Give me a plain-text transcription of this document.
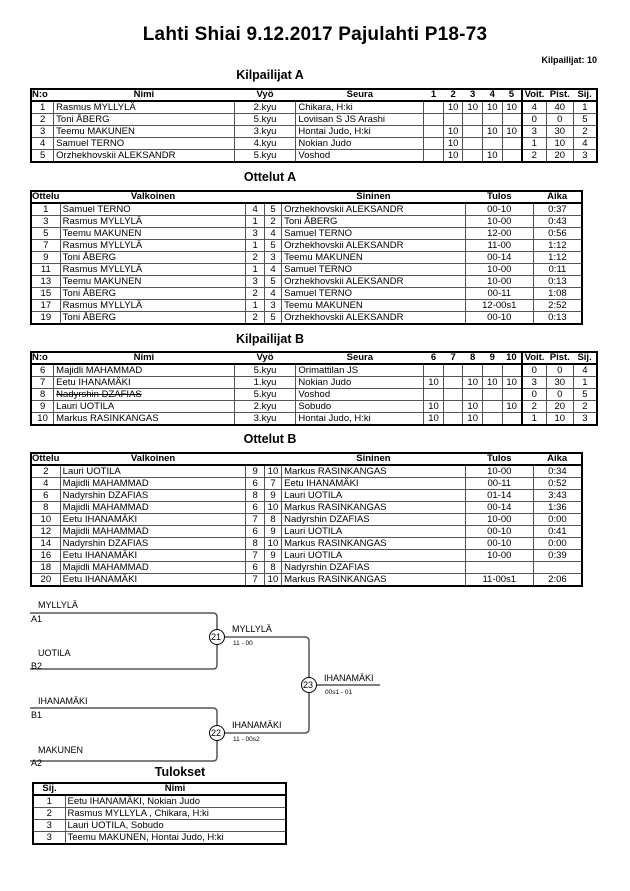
Lahti Shiai 9.12.2017 Pajulahti P18-73
Kilpailijat: 10
Kilpailijat A
N:o	Nimi	Vyö	Seura	1	2	3	4	5	Voit.	Pist.	Sij.
1	Rasmus MYLLYLÄ	2.kyu	Chikara, H:ki		10	10	10	10	4	40	1
2	Toni ÅBERG	5.kyu	Loviisan S JS Arashi						0	0	5
3	Teemu MAKUNEN	3.kyu	Hontai Judo, H:ki		10		10	10	3	30	2
4	Samuel TERNO	4.kyu	Nokian Judo		10				1	10	4
5	Orzhekhovskii ALEKSANDR	5.kyu	Voshod		10		10		2	20	3
Ottelut A
Ottelu	Valkoinen			Sininen	Tulos	Aika
1	Samuel TERNO	4	5	Orzhekhovskii ALEKSANDR	00-10	0:37
3	Rasmus MYLLYLÄ	1	2	Toni ÅBERG	10-00	0:43
5	Teemu MAKUNEN	3	4	Samuel TERNO	12-00	0:56
7	Rasmus MYLLYLÄ	1	5	Orzhekhovskii ALEKSANDR	11-00	1:12
9	Toni ÅBERG	2	3	Teemu MAKUNEN	00-14	1:12
11	Rasmus MYLLYLÄ	1	4	Samuel TERNO	10-00	0:11
13	Teemu MAKUNEN	3	5	Orzhekhovskii ALEKSANDR	10-00	0:13
15	Toni ÅBERG	2	4	Samuel TERNO	00-11	1:08
17	Rasmus MYLLYLÄ	1	3	Teemu MAKUNEN	12-00s1	2:52
19	Toni ÅBERG	2	5	Orzhekhovskii ALEKSANDR	00-10	0:13
Kilpailijat B
N:o	Nimi	Vyö	Seura	6	7	8	9	10	Voit.	Pist.	Sij.
6	Majidli MAHAMMAD	5.kyu	Orimattilan JS						0	0	4
7	Eetu IHANAMÄKI	1.kyu	Nokian Judo	10		10	10	10	3	30	1
8	Nadyrshin DZAFIAS	5.kyu	Voshod						0	0	5
9	Lauri UOTILA	2.kyu	Sobudo	10		10		10	2	20	2
10	Markus RASINKANGAS	3.kyu	Hontai Judo, H:ki	10		10			1	10	3
Ottelut B
Ottelu	Valkoinen			Sininen	Tulos	Aika
2	Lauri UOTILA	9	10	Markus RASINKANGAS	10-00	0:34
4	Majidli MAHAMMAD	6	7	Eetu IHANAMÄKI	00-11	0:52
6	Nadyrshin DZAFIAS	8	9	Lauri UOTILA	01-14	3:43
8	Majidli MAHAMMAD	6	10	Markus RASINKANGAS	00-14	1:36
10	Eetu IHANAMÄKI	7	8	Nadyrshin DZAFIAS	10-00	0:00
12	Majidli MAHAMMAD	6	9	Lauri UOTILA	00-10	0:41
14	Nadyrshin DZAFIAS	8	10	Markus RASINKANGAS	00-10	0:00
16	Eetu IHANAMÄKI	7	9	Lauri UOTILA	10-00	0:39
18	Majidli MAHAMMAD	6	8	Nadyrshin DZAFIAS		
20	Eetu IHANAMÄKI	7	10	Markus RASINKANGAS	11-00s1	2:06
MYLLYLÄ
A1
UOTILA
B2
21
MYLLYLÄ
11 - 00
IHANAMÄKI
B1
MAKUNEN
A2
22
IHANAMÄKI
11 - 00s2
23
IHANAMÄKI
00s1 - 01
Tulokset
Sij.	Nimi
1	Eetu IHANAMÄKI, Nokian Judo
2	Rasmus MYLLYLA , Chikara, H:ki
3	Lauri UOTILA, Sobudo
3	Teemu MAKUNEN, Hontai Judo, H:ki
